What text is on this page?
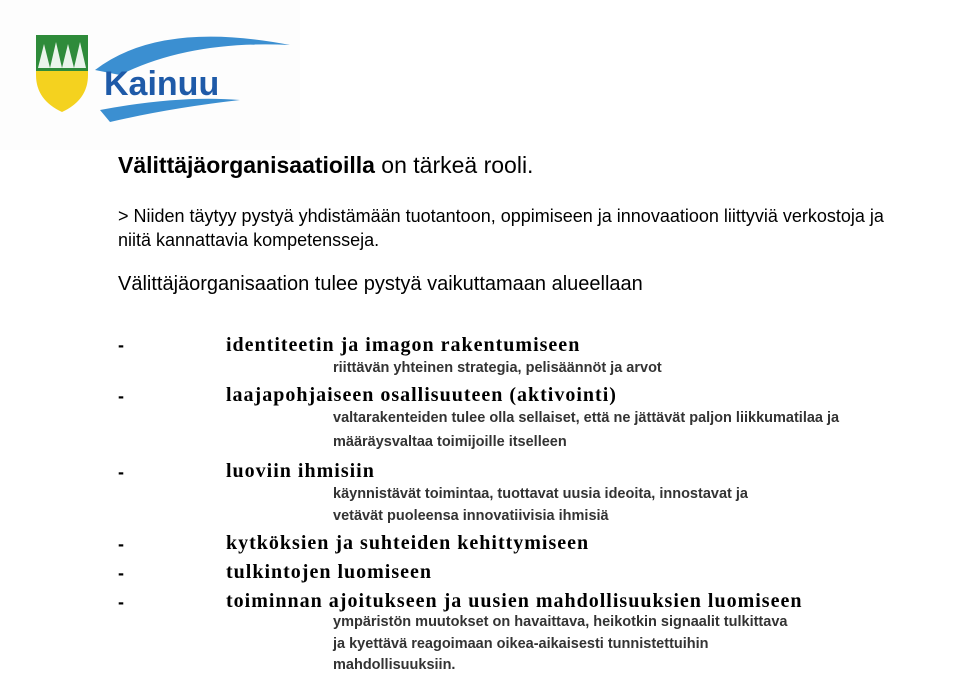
Kainuu
Välittäjäorganisaatioilla on tärkeä rooli.
> Niiden täytyy pystyä yhdistämään tuotantoon, oppimiseen ja innovaatioon liittyviä verkostoja ja niitä kannattavia kompetensseja.
Välittäjäorganisaation tulee pystyä vaikuttamaan alueellaan
-	identiteetin ja imagon rakentumiseen
riittävän yhteinen strategia, pelisäännöt ja arvot
-	laajapohjaiseen osallisuuteen (aktivointi)
valtarakenteiden tulee olla sellaiset, että ne jättävät paljon liikkumatilaa ja
määräysvaltaa toimijoille itselleen
-	luoviin ihmisiin
käynnistävät toimintaa, tuottavat uusia ideoita, innostavat ja
vetävät puoleensa innovatiivisia ihmisiä
-	kytköksien ja suhteiden kehittymiseen
-	tulkintojen luomiseen
-	toiminnan ajoitukseen ja uusien mahdollisuuksien luomiseen
ympäristön muutokset on havaittava, heikotkin signaalit tulkittava
ja kyettävä reagoimaan oikea-aikaisesti tunnistettuihin
mahdollisuuksiin.
